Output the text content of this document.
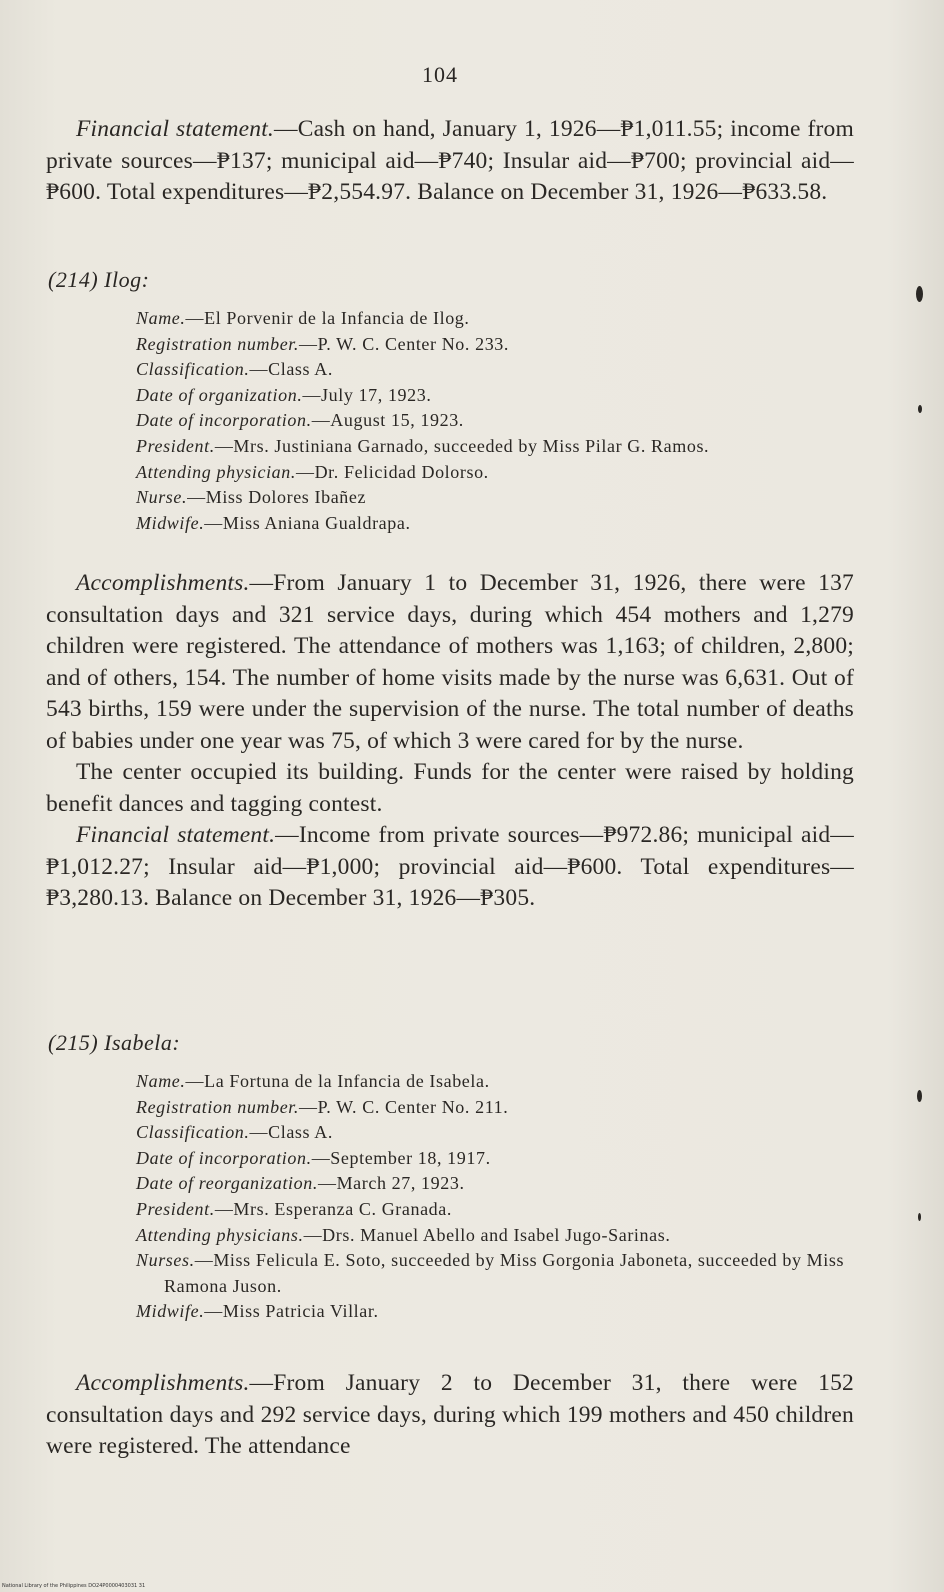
104

Financial statement.—Cash on hand, January 1, 1926—₱1,011.55; income from private sources—₱137; municipal aid—₱740; Insular aid—₱700; provincial aid—₱600. Total expenditures—₱2,554.97. Balance on December 31, 1926—₱633.58.

(214) Ilog:

Name.—El Porvenir de la Infancia de Ilog.

Registration number.—P. W. C. Center No. 233.

Classification.—Class A.

Date of organization.—July 17, 1923.

Date of incorporation.—August 15, 1923.

President.—Mrs. Justiniana Garnado, succeeded by Miss Pilar G. Ramos.

Attending physician.—Dr. Felicidad Dolorso.

Nurse.—Miss Dolores Ibañez

Midwife.—Miss Aniana Gualdrapa.

Accomplishments.—From January 1 to December 31, 1926, there were 137 consultation days and 321 service days, during which 454 mothers and 1,279 children were registered. The attendance of mothers was 1,163; of children, 2,800; and of others, 154. The number of home visits made by the nurse was 6,631. Out of 543 births, 159 were under the supervision of the nurse. The total number of deaths of babies under one year was 75, of which 3 were cared for by the nurse.

The center occupied its building. Funds for the center were raised by holding benefit dances and tagging contest.

Financial statement.—Income from private sources—₱972.86; municipal aid—₱1,012.27; Insular aid—₱1,000; provincial aid—₱600. Total expenditures—₱3,280.13. Balance on December 31, 1926—₱305.

(215) Isabela:

Name.—La Fortuna de la Infancia de Isabela.

Registration number.—P. W. C. Center No. 211.

Classification.—Class A.

Date of incorporation.—September 18, 1917.

Date of reorganization.—March 27, 1923.

President.—Mrs. Esperanza C. Granada.

Attending physicians.—Drs. Manuel Abello and Isabel Jugo-Sarinas.

Nurses.—Miss Felicula E. Soto, succeeded by Miss Gorgonia Jaboneta, succeeded by Miss Ramona Juson.

Midwife.—Miss Patricia Villar.

Accomplishments.—From January 2 to December 31, there were 152 consultation days and 292 service days, during which 199 mothers and 450 children were registered. The attendance

National Library of the Philippines DO24P0000403031 31
